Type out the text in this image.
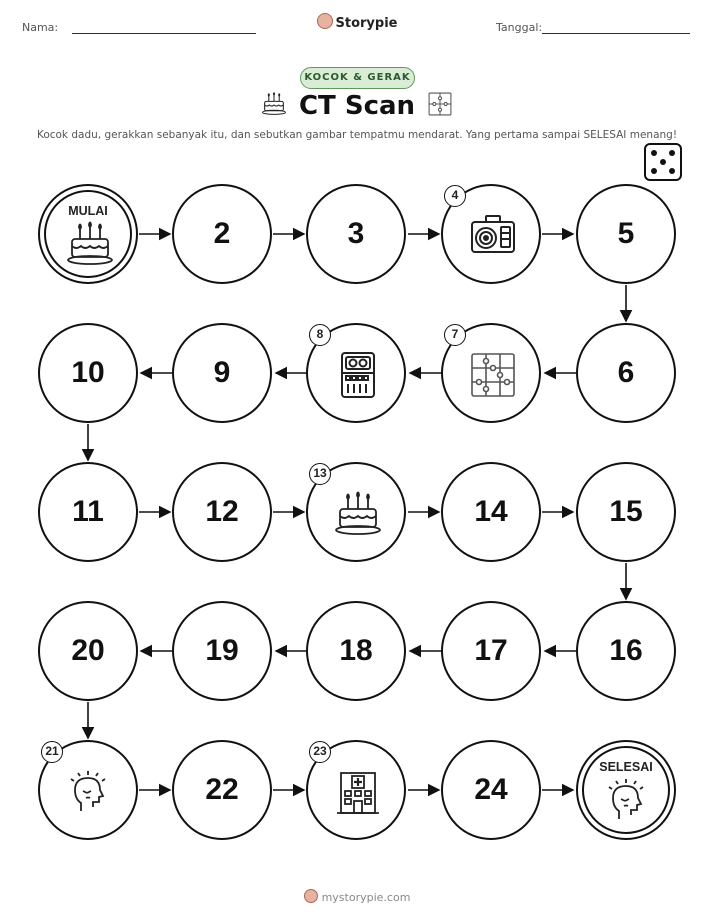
Nama:	Storypie	Tanggal:
KOCOK & GERAK
CT Scan
Kocok dadu, gerakkan sebanyak itu, dan sebutkan gambar tempatmu mendarat. Yang pertama sampai SELESAI menang!
MULAI
2	3
4
5
10	9
8	7
6
11	12
13
14	15
20	19	18	17	16
21
22
23
24
SELESAI
mystorypie.com
